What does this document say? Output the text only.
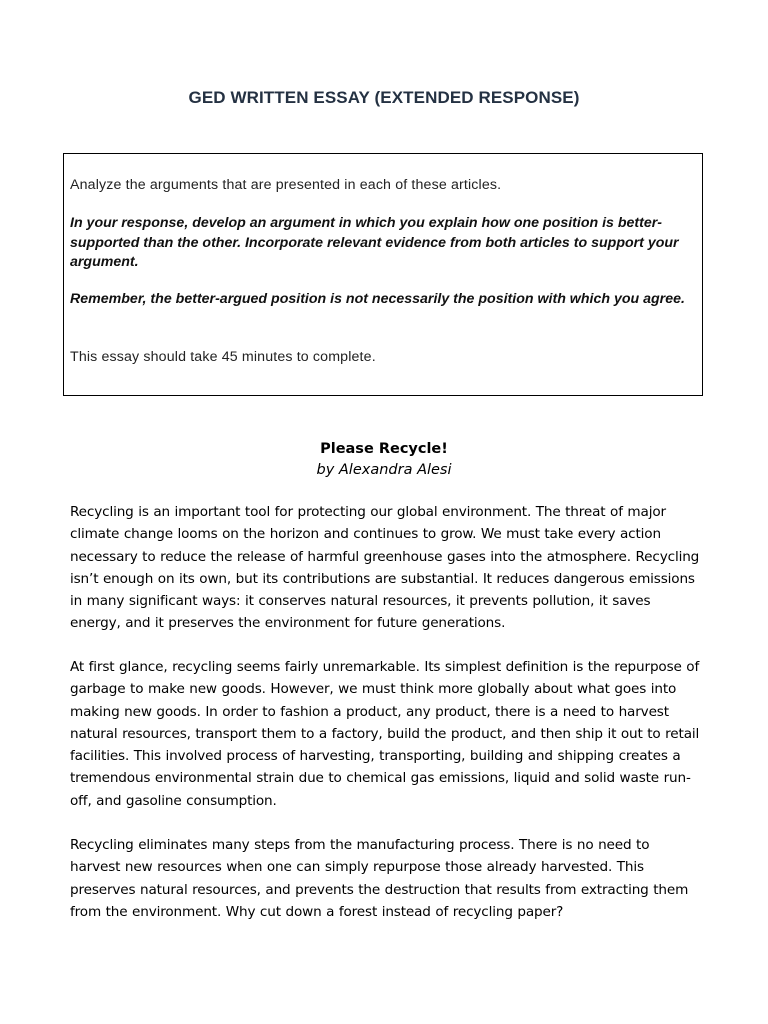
GED WRITTEN ESSAY (EXTENDED RESPONSE)

Analyze the arguments that are presented in each of these articles.

In your response, develop an argument in which you explain how one position is better-supported than the other. Incorporate relevant evidence from both articles to support your argument.

Remember, the better-argued position is not necessarily the position with which you agree.

This essay should take 45 minutes to complete.

Please Recycle!
by Alexandra Alesi

Recycling is an important tool for protecting our global environment. The threat of major climate change looms on the horizon and continues to grow. We must take every action necessary to reduce the release of harmful greenhouse gases into the atmosphere. Recycling isn’t enough on its own, but its contributions are substantial. It reduces dangerous emissions in many significant ways: it conserves natural resources, it prevents pollution, it saves energy, and it preserves the environment for future generations.

At first glance, recycling seems fairly unremarkable. Its simplest definition is the repurpose of garbage to make new goods. However, we must think more globally about what goes into making new goods. In order to fashion a product, any product, there is a need to harvest natural resources, transport them to a factory, build the product, and then ship it out to retail facilities. This involved process of harvesting, transporting, building and shipping creates a tremendous environmental strain due to chemical gas emissions, liquid and solid waste run-off, and gasoline consumption.

Recycling eliminates many steps from the manufacturing process. There is no need to harvest new resources when one can simply repurpose those already harvested. This preserves natural resources, and prevents the destruction that results from extracting them from the environment. Why cut down a forest instead of recycling paper?
